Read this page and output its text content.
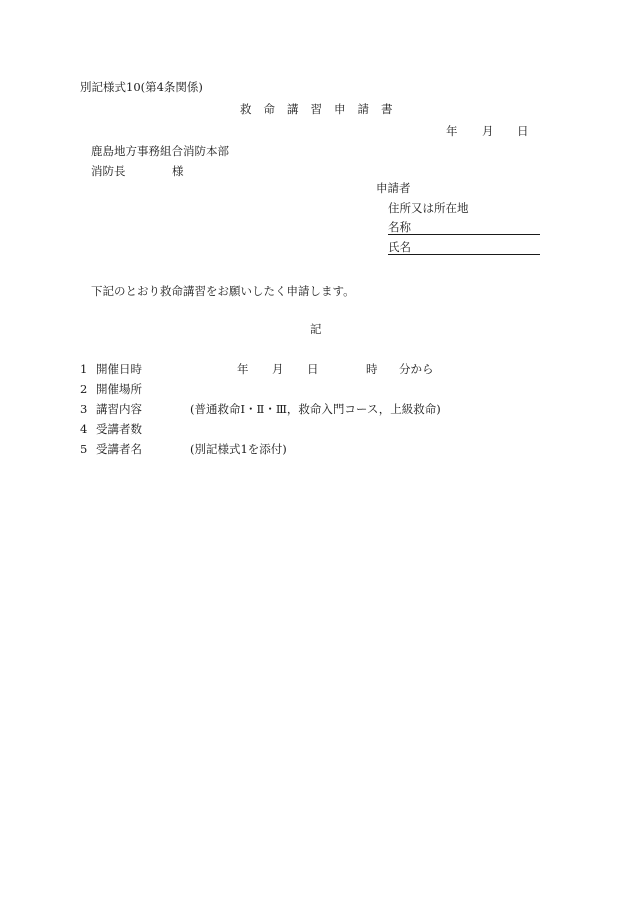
別記様式10(第4条関係)
救 命 講 習 申 請 書
年 月 日
鹿島地方事務組合消防本部
消防長	様
申請者
住所又は所在地
名称
氏名
下記のとおり救命講習をお願いしたく申請します。
記
1 開催日時	年 月 日	時 分から
2 開催場所
3 講習内容	(普通救命Ⅰ・Ⅱ・Ⅲ，救命入門コース，上級救命)
4 受講者数
5 受講者名	(別記様式1を添付)
